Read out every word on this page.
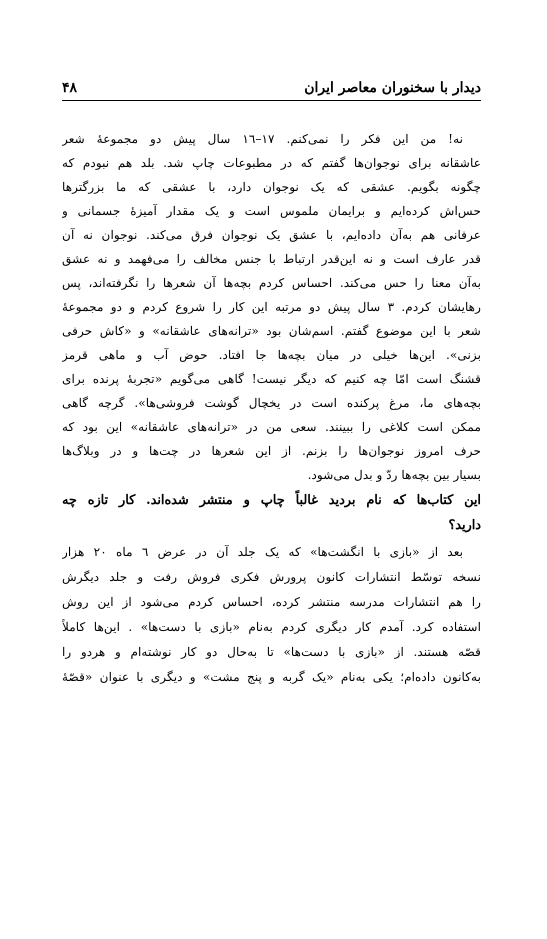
۴۸	دیدار با سخنوران معاصر ایران
نه! من این فکر را نمی‌کنم. ۱۷–۱٦ سال پیش دو مجموعهٔ شعر
عاشقانه برای نوجوان‌ها گفتم که در مطبوعات چاپ شد. بلد هم نبودم که
چگونه بگویم. عشقی که یک نوجوان دارد، با عشقی که ما بزرگترها
حس‌اش کرده‌ایم و برایمان ملموس است و یک مقدار آمیزهٔ جسمانی و
عرفانی هم به‌آن داده‌ایم، با عشق یک نوجوان فرق می‌کند. نوجوان نه آن
قدر عارف است و نه این‌قدر ارتباط با جنس مخالف را می‌فهمد و نه عشق
به‌آن معنا را حس می‌کند. احساس کردم بچه‌ها آن شعرها را نگرفته‌اند، پس
رهایشان کردم. ۳ سال پیش دو مرتبه این کار را شروع کردم و دو مجموعهٔ
شعر با این موضوع گفتم. اسم‌شان بود «ترانه‌های عاشقانه» و «کاش حرفی
بزنی». این‌ها خیلی در میان بچه‌ها جا افتاد. حوض آب و ماهی قرمز
قشنگ است امّا چه کنیم که دیگر نیست! گاهی می‌گویم «تجربهٔ پرنده برای
بچه‌های ما، مرغ پرکنده است در یخچال گوشت فروشی‌ها». گرچه گاهی
ممکن است کلاغی را ببینند. سعی من در «ترانه‌های عاشقانه» این بود که
حرف امروز نوجوان‌ها را بزنم. از این شعرها در چت‌ها و در وبلاگ‌ها
بسیار بین بچه‌ها ردّ و بدل می‌شود.
این کتاب‌ها که نام بردید غالباً چاپ و منتشر شده‌اند. کار تازه چه
دارید؟
بعد از «بازی با انگشت‌ها» که یک جلد آن در عرض ٦ ماه ۲۰ هزار
نسخه توسّط انتشارات کانون پرورش فکری فروش رفت و جلد دیگرش
را هم انتشارات مدرسه منتشر کرده، احساس کردم می‌شود از این روش
استفاده کرد. آمدم کار دیگری کردم به‌نام «بازی با دست‌ها» . این‌ها کاملاً
قصّه هستند. از «بازی با دست‌ها» تا به‌حال دو کار نوشته‌ام و هردو را
به‌کانون داده‌ام؛ یکی به‌نام «یک گربه و پنج مشت» و دیگری با عنوان «قصّهٔ
